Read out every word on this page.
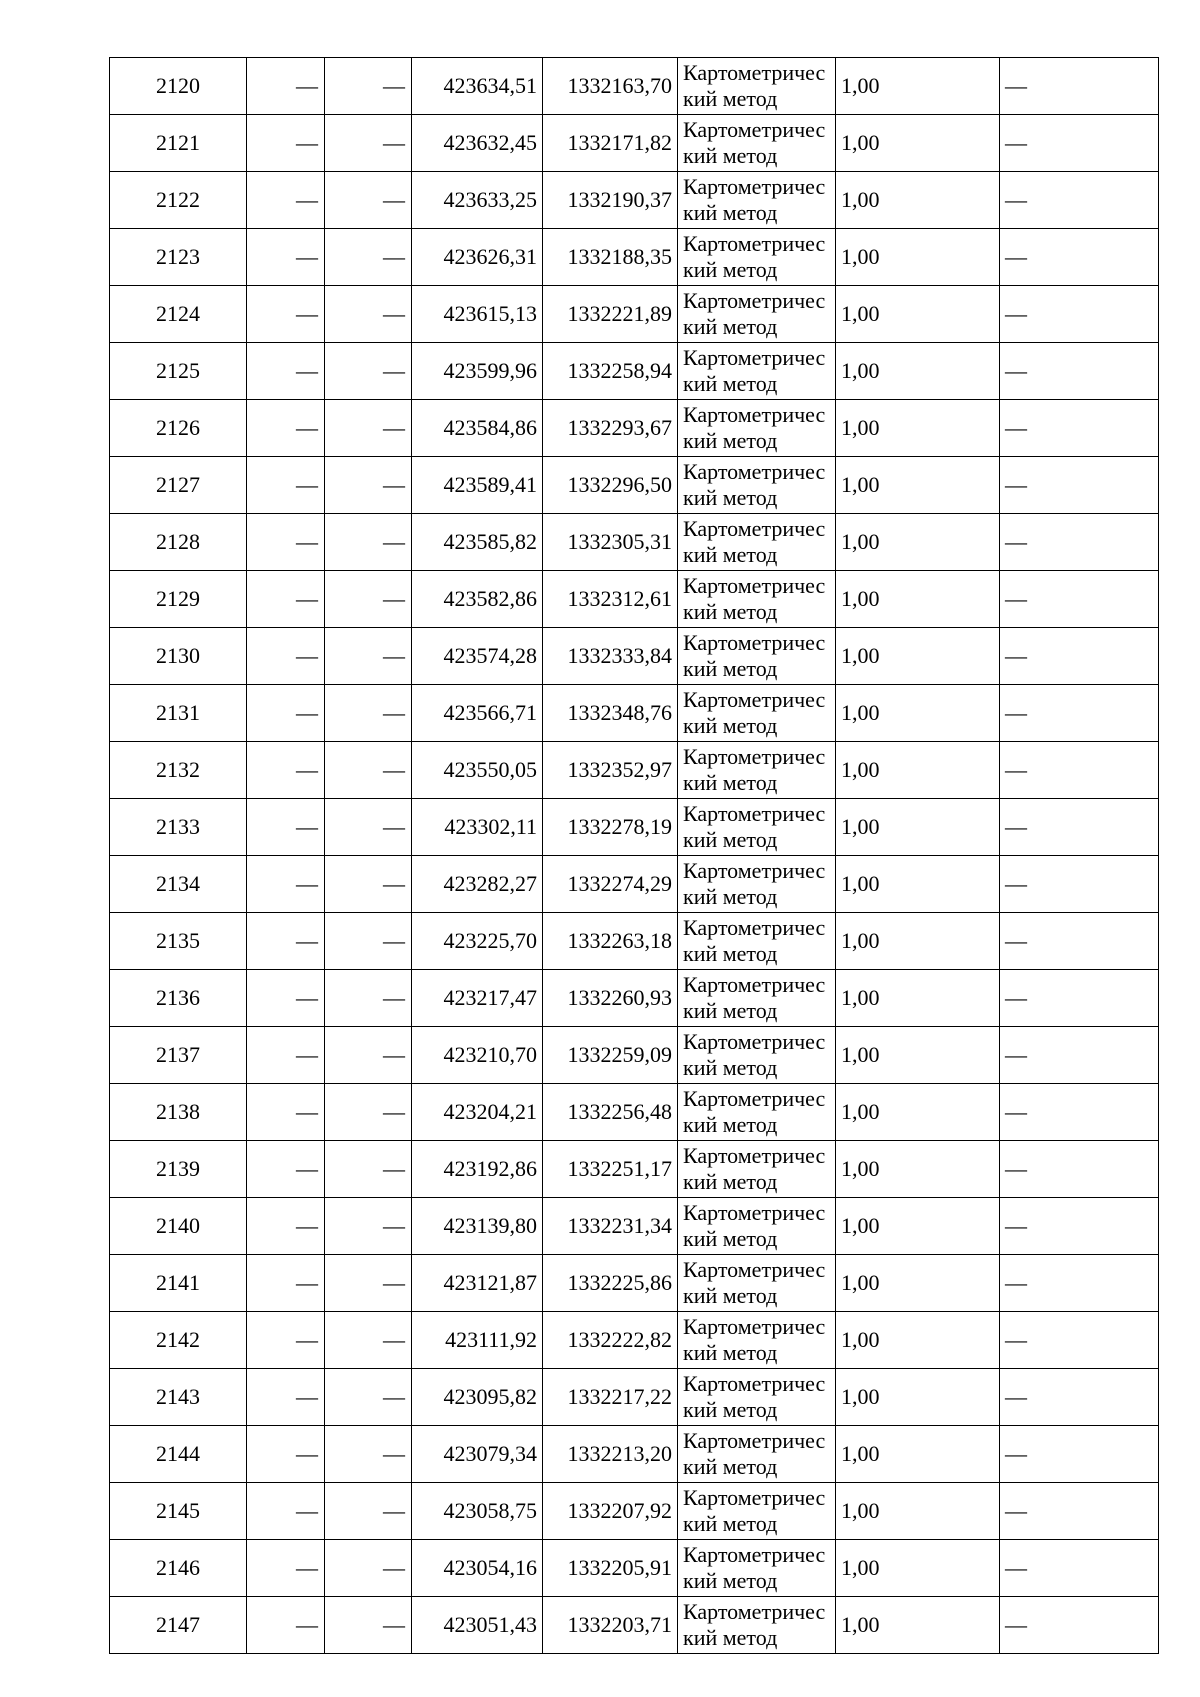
2120	—	—	423634,51	1332163,70	Картометрический метод	1,00	—
2121	—	—	423632,45	1332171,82	Картометрический метод	1,00	—
2122	—	—	423633,25	1332190,37	Картометрический метод	1,00	—
2123	—	—	423626,31	1332188,35	Картометрический метод	1,00	—
2124	—	—	423615,13	1332221,89	Картометрический метод	1,00	—
2125	—	—	423599,96	1332258,94	Картометрический метод	1,00	—
2126	—	—	423584,86	1332293,67	Картометрический метод	1,00	—
2127	—	—	423589,41	1332296,50	Картометрический метод	1,00	—
2128	—	—	423585,82	1332305,31	Картометрический метод	1,00	—
2129	—	—	423582,86	1332312,61	Картометрический метод	1,00	—
2130	—	—	423574,28	1332333,84	Картометрический метод	1,00	—
2131	—	—	423566,71	1332348,76	Картометрический метод	1,00	—
2132	—	—	423550,05	1332352,97	Картометрический метод	1,00	—
2133	—	—	423302,11	1332278,19	Картометрический метод	1,00	—
2134	—	—	423282,27	1332274,29	Картометрический метод	1,00	—
2135	—	—	423225,70	1332263,18	Картометрический метод	1,00	—
2136	—	—	423217,47	1332260,93	Картометрический метод	1,00	—
2137	—	—	423210,70	1332259,09	Картометрический метод	1,00	—
2138	—	—	423204,21	1332256,48	Картометрический метод	1,00	—
2139	—	—	423192,86	1332251,17	Картометрический метод	1,00	—
2140	—	—	423139,80	1332231,34	Картометрический метод	1,00	—
2141	—	—	423121,87	1332225,86	Картометрический метод	1,00	—
2142	—	—	423111,92	1332222,82	Картометрический метод	1,00	—
2143	—	—	423095,82	1332217,22	Картометрический метод	1,00	—
2144	—	—	423079,34	1332213,20	Картометрический метод	1,00	—
2145	—	—	423058,75	1332207,92	Картометрический метод	1,00	—
2146	—	—	423054,16	1332205,91	Картометрический метод	1,00	—
2147	—	—	423051,43	1332203,71	Картометрический метод	1,00	—
